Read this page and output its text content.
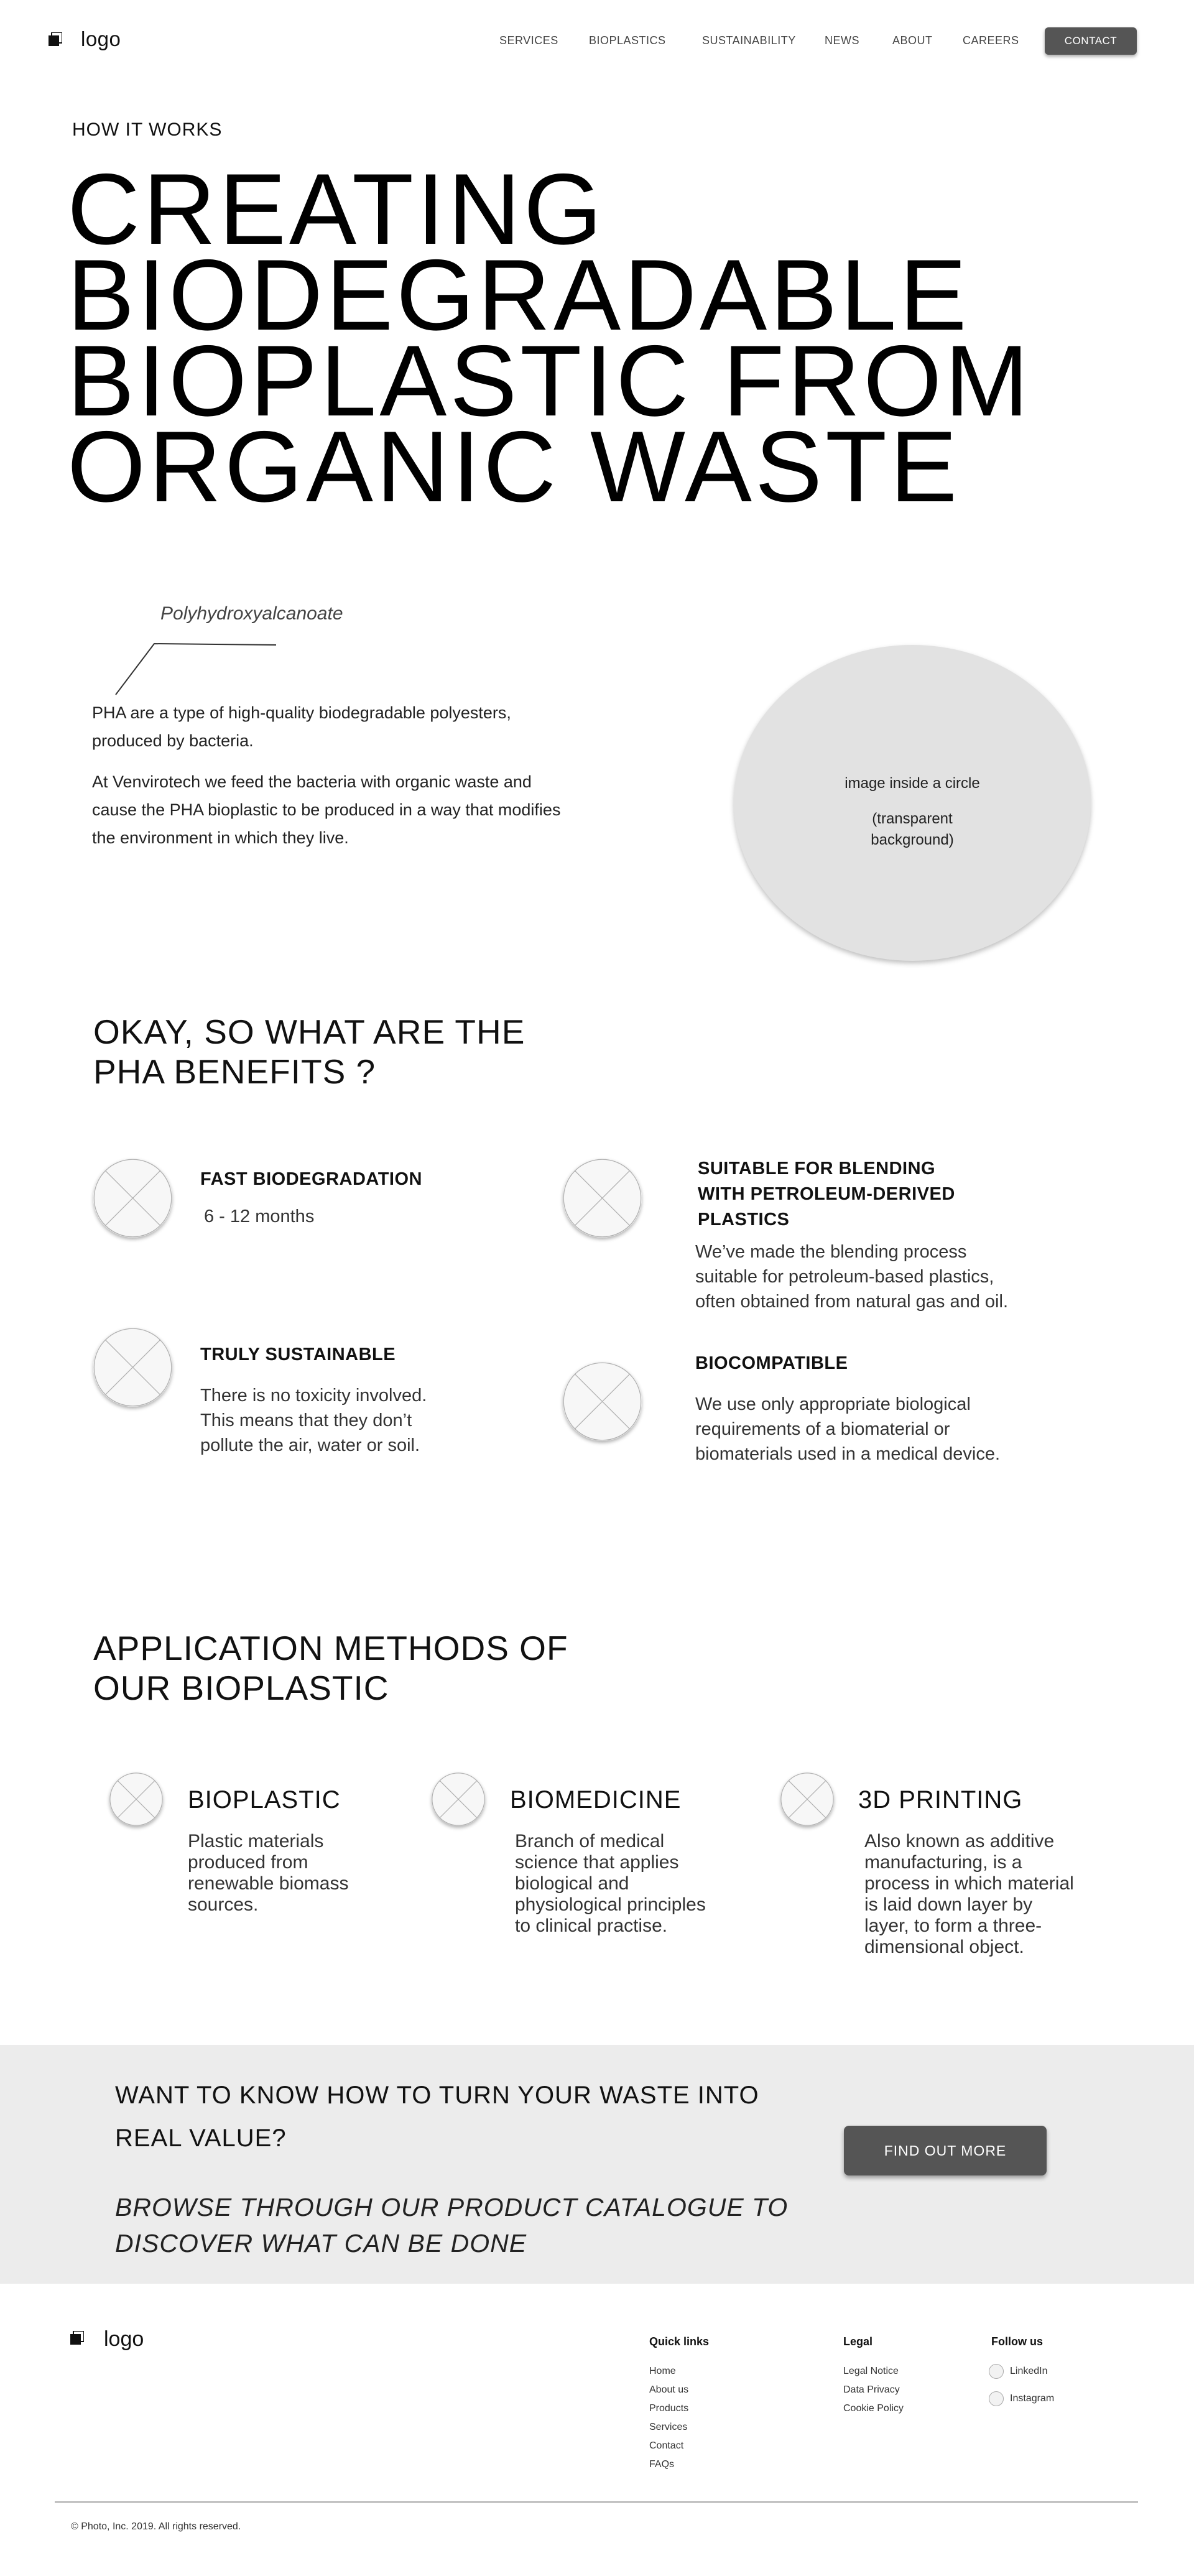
logo	SERVICES	BIOPLASTICS	SUSTAINABILITY	NEWS	ABOUT	CAREERS	CONTACT
HOW IT WORKS
CREATING
BIODEGRADABLE
BIOPLASTIC FROM
ORGANIC WASTE
Polyhydroxyalcanoate

PHA are a type of high-quality biodegradable polyesters, produced by bacteria.

At Venvirotech we feed the bacteria with organic waste and cause the PHA bioplastic to be produced in a way that modifies the environment in which they live.

image inside a circle
(transparent background)
OKAY, SO WHAT ARE THE PHA BENEFITS ?
FAST BIODEGRADATION
6 - 12 months
SUITABLE FOR BLENDING WITH PETROLEUM-DERIVED PLASTICS
We’ve made the blending process suitable for petroleum-based plastics, often obtained from natural gas and oil.
TRULY SUSTAINABLE
There is no toxicity involved. This means that they don’t pollute the air, water or soil.
BIOCOMPATIBLE
We use only appropriate biological requirements of a biomaterial or biomaterials used in a medical device.
APPLICATION METHODS OF OUR BIOPLASTIC
BIOPLASTIC
Plastic materials produced from renewable biomass sources.
BIOMEDICINE
Branch of medical science that applies biological and physiological principles to clinical practise.
3D PRINTING
Also known as additive manufacturing, is a process in which material is laid down layer by layer, to form a three-dimensional object.
WANT TO KNOW HOW TO TURN YOUR WASTE INTO REAL VALUE?
BROWSE THROUGH OUR PRODUCT CATALOGUE TO DISCOVER WHAT CAN BE DONE
FIND OUT MORE
logo	Quick links
Home
About us
Products
Services
Contact
FAQs
Legal
Legal Notice
Data Privacy
Cookie Policy
Follow us
LinkedIn
Instagram
© Photo, Inc. 2019. All rights reserved.
